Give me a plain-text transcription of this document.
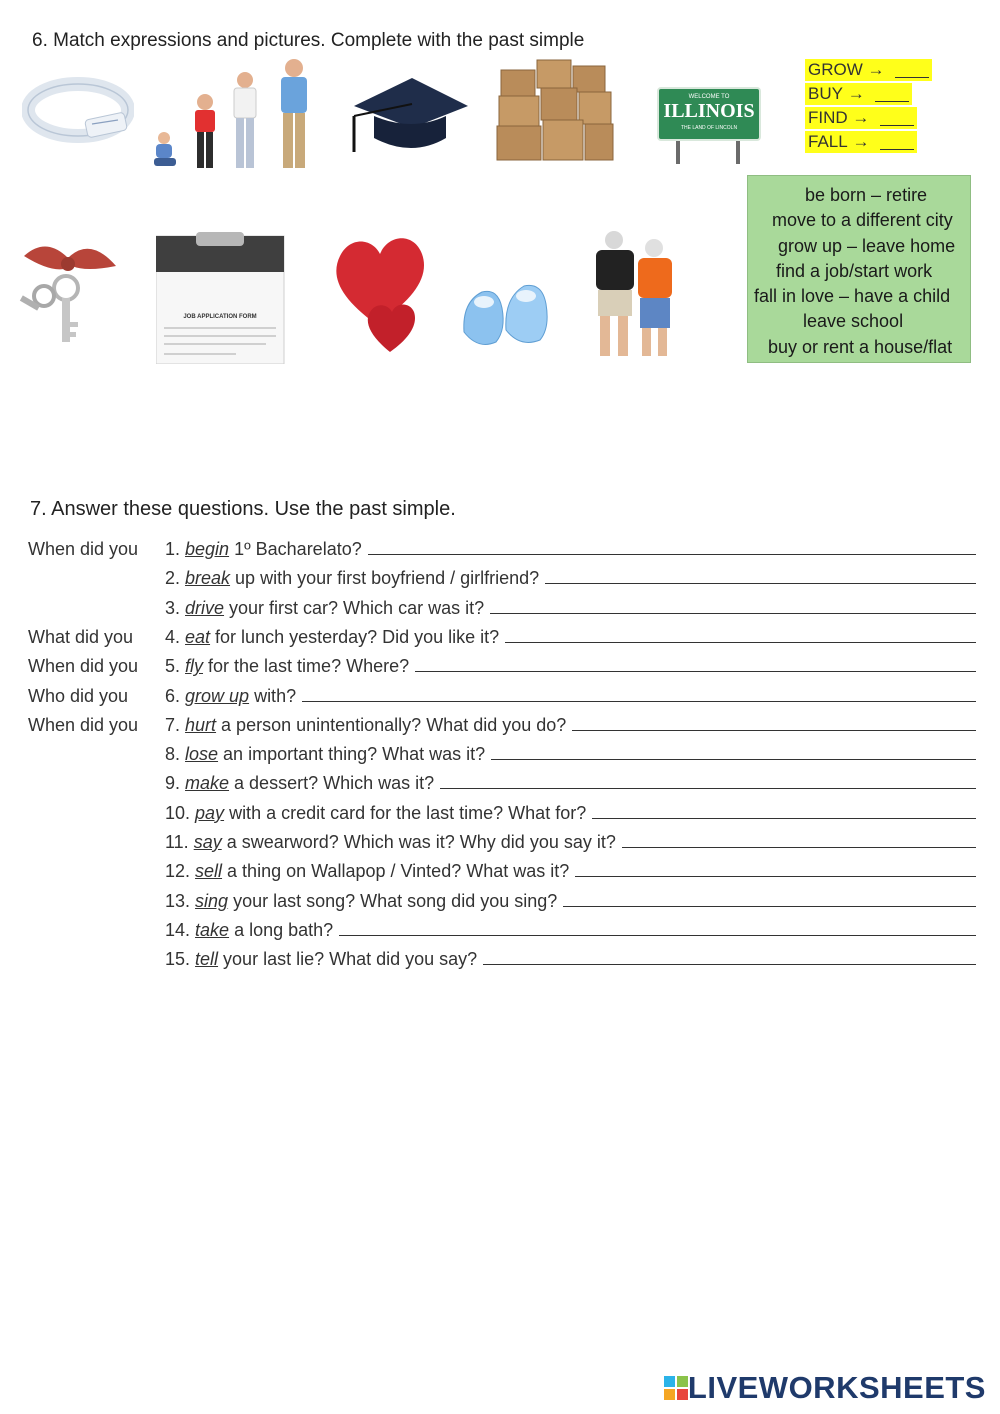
6. Match expressions and pictures. Complete with the past simple
WELCOME TO
ILLINOIS
THE LAND OF LINCOLN
GROW
→

BUY
→

FIND
→

FALL
→

JOB APPLICATION FORM
be born – retire
move to a different city
grow up – leave home
find a job/start work
fall in love – have a child
leave school
buy or rent a house/flat
7. Answer these questions. Use the past simple.
When did you	1. begin 1º Bacharelato?
2. break up with your first boyfriend / girlfriend?
3. drive your first car? Which car was it?
What did you	4. eat for lunch yesterday? Did you like it?
When did you	5. fly for the last time? Where?
Who did you	6. grow up with?
When did you	7. hurt a person unintentionally? What did you do?
8. lose an important thing? What was it?
9. make a dessert? Which was it?
10. pay with a credit card for the last time? What for?
11. say a swearword? Which was it? Why did you say it?
12. sell a thing on Wallapop / Vinted? What was it?
13. sing your last song? What song did you sing?
14. take a long bath?
15. tell your last lie? What did you say?
LIVEWORKSHEETS
